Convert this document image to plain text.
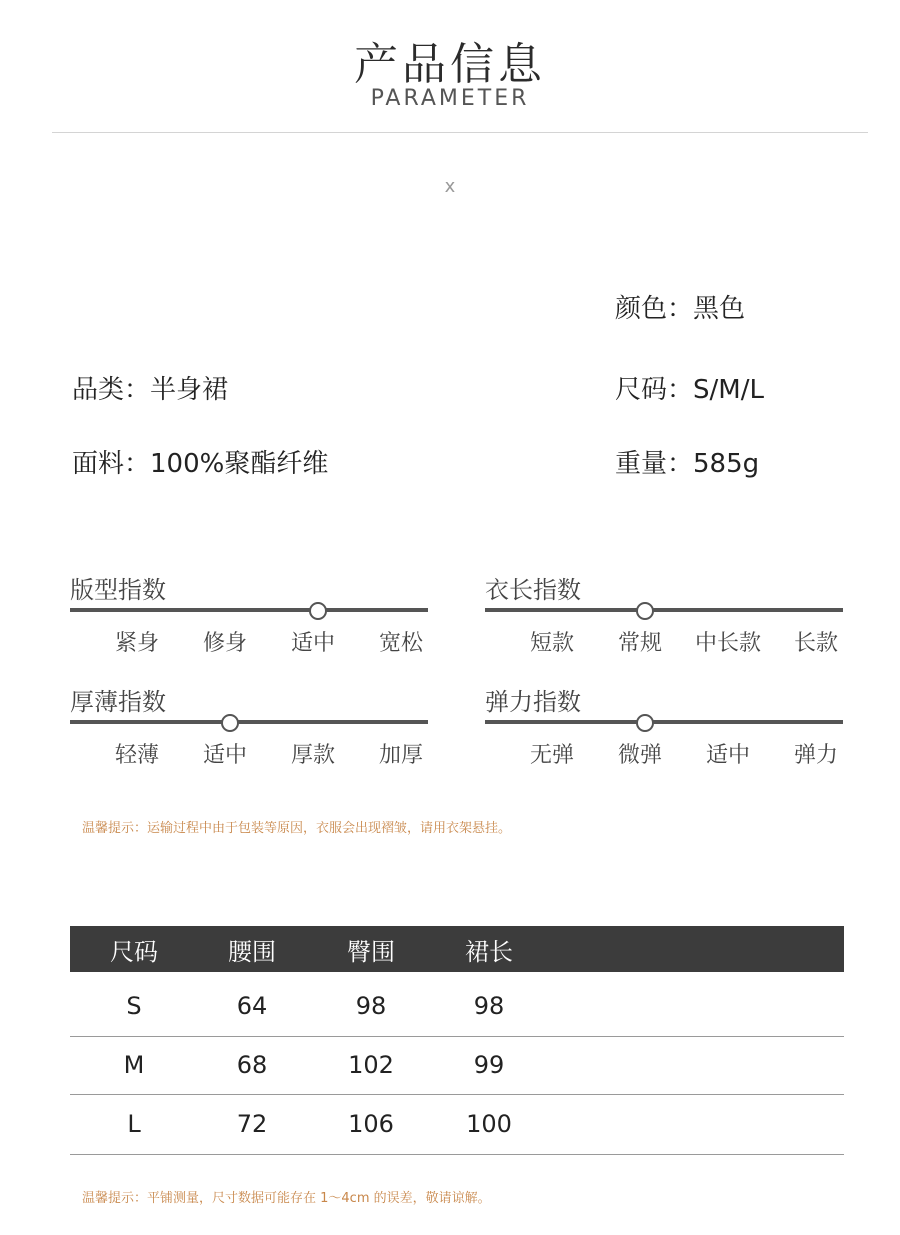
产品信息
PARAMETER
x
颜色：黑色
品类：半身裙	尺码：S/M/L
面料：100%聚酯纤维	重量：585g
版型指数
紧身	修身	适中	宽松
衣长指数
短款	常规	中长款	长款
厚薄指数
轻薄	适中	厚款	加厚
弹力指数
无弹	微弹	适中	弹力
温馨提示：运输过程中由于包装等原因，衣服会出现褶皱，请用衣架悬挂。
尺码	腰围	臀围	裙长
S	64	98	98
M	68	102	99
L	72	106	100
温馨提示：平铺测量，尺寸数据可能存在 1～4cm 的误差，敬请谅解。
